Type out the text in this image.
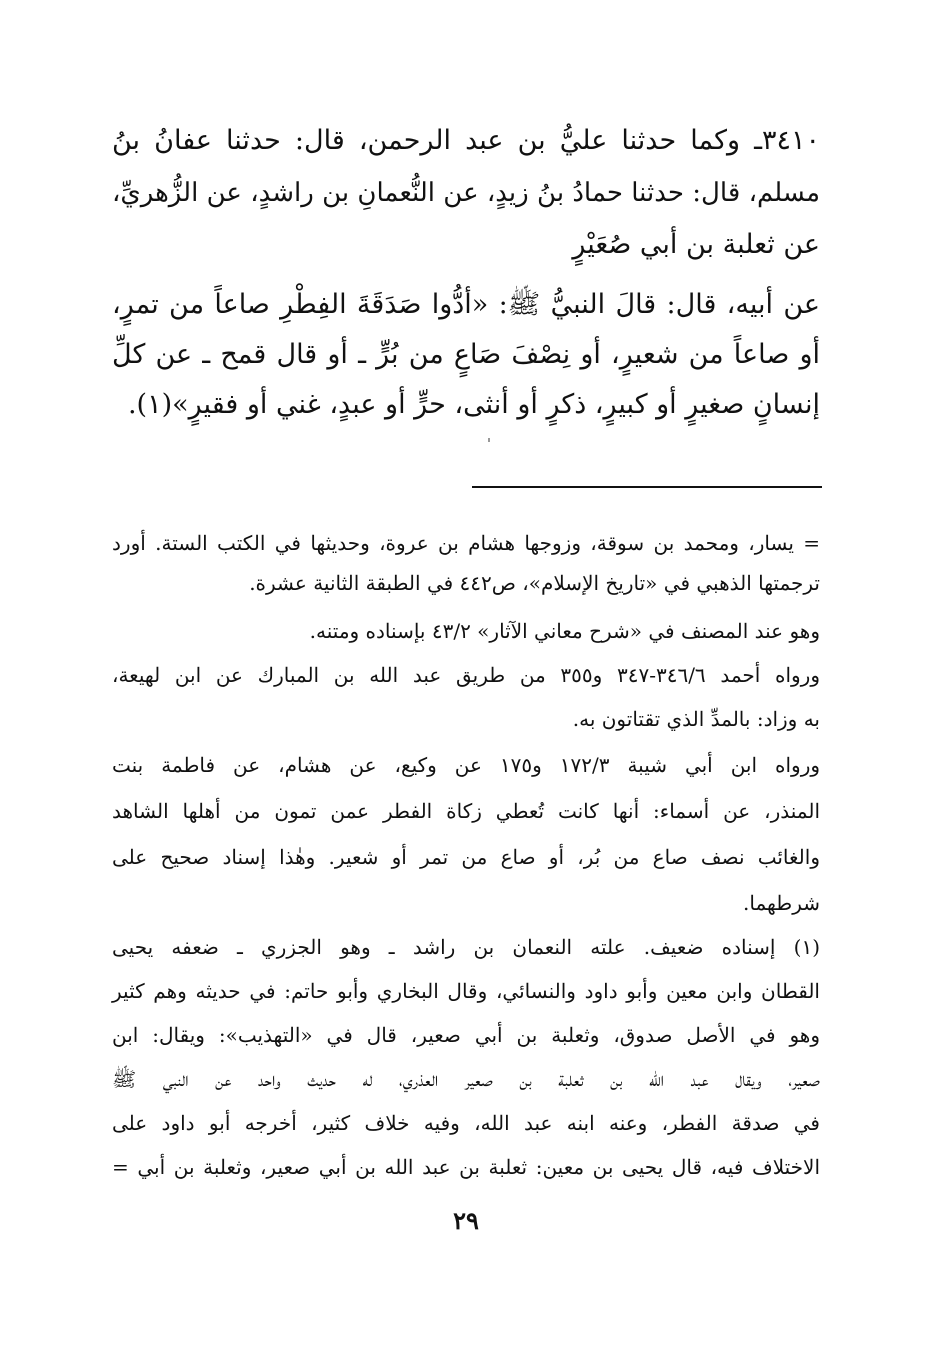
٣٤١٠ـ وكما حدثنا عليُّ بن عبد الرحمن، قال: حدثنا عفانُ بنُ
مسلم، قال: حدثنا حمادُ بنُ زيدٍ، عن النُّعمانِ بن راشدٍ، عن الزُّهريِّ،
عن ثعلبة بن أبي صُعَيْرٍ
عن أبيه، قال: قالَ النبيُّ ﷺ: «أدُّوا صَدَقَةَ الفِطْرِ صاعاً من تمرٍ،
أو صاعاً من شعيرٍ، أو نِصْفَ صَاعٍ من بُرٍّ ـ أو قال قمح ـ عن كلِّ
إنسانٍ صغيرٍ أو كبيرٍ، ذكرٍ أو أنثى، حرٍّ أو عبدٍ، غني أو فقيرٍ»(١).
= يسار، ومحمد بن سوقة، وزوجها هشام بن عروة، وحديثها في الكتب الستة. أورد
ترجمتها الذهبي في «تاريخ الإسلام»، ص٤٤٢ في الطبقة الثانية عشرة.
وهو عند المصنف في «شرح معاني الآثار» ٤٣/٢ بإسناده ومتنه.
ورواه أحمد ٣٤٦/٦-٣٤٧ و٣٥٥ من طريق عبد الله بن المبارك عن ابن لهيعة،
به وزاد: بالمدِّ الذي تقتاتون به.
ورواه ابن أبي شيبة ١٧٢/٣ و١٧٥ عن وكيع، عن هشام، عن فاطمة بنت
المنذر، عن أسماء: أنها كانت تُعطي زكاة الفطر عمن تمون من أهلها الشاهد
والغائب نصف صاع من بُر، أو صاع من تمر أو شعير. وهٰذا إسناد صحيح على
شرطهما.
(١) إسناده ضعيف. علته النعمان بن راشد ـ وهو الجزري ـ ضعفه يحيى
القطان وابن معين وأبو داود والنسائي، وقال البخاري وأبو حاتم: في حديثه وهم كثير
وهو في الأصل صدوق، وثعلبة بن أبي صعير، قال في «التهذيب»: ويقال: ابن
صعير، ويقال عبد الله بن ثعلبة بن صعير العذري، له حديث واحد عن النبي ﷺ
في صدقة الفطر، وعنه ابنه عبد الله، وفيه خلاف كثير، أخرجه أبو داود على
الاختلاف فيه، قال يحيى بن معين: ثعلبة بن عبد الله بن أبي صعير، وثعلبة بن أبي =
٢٩
